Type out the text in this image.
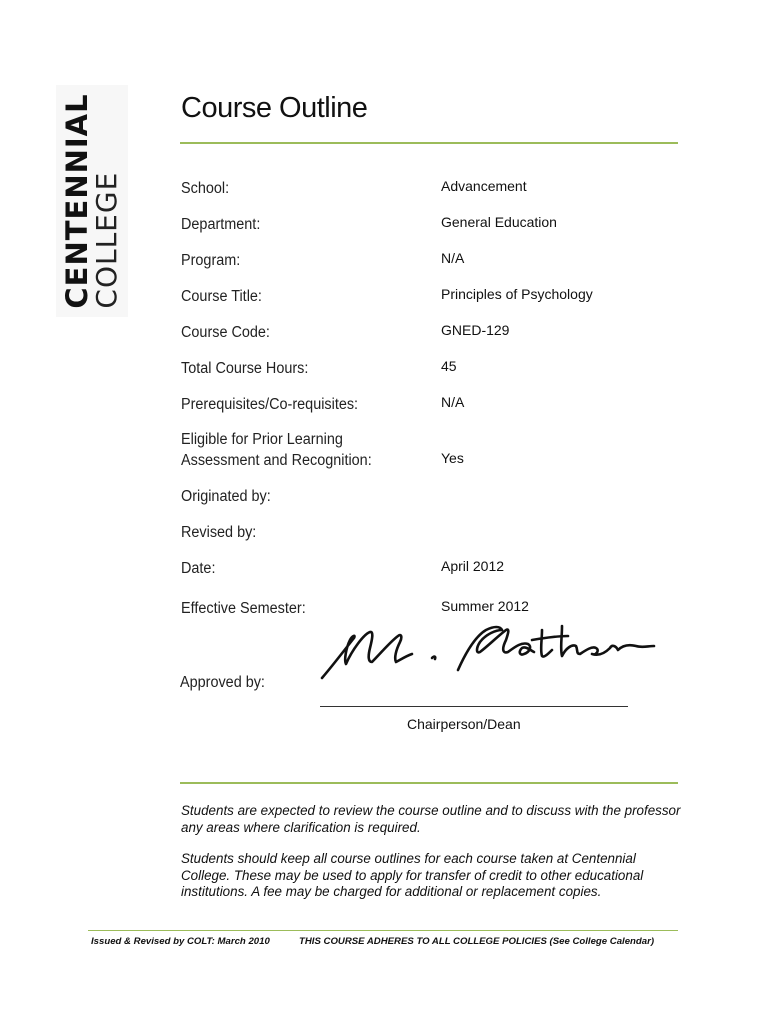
CENTENNIAL
COLLEGE
Course Outline
School:	Advancement
Department:	General Education
Program:	N/A
Course Title:	Principles of Psychology
Course Code:	GNED-129
Total Course Hours:	45
Prerequisites/Co-requisites:	N/A
Eligible for Prior Learning
Assessment and Recognition:	Yes
Originated by:
Revised by:
Date:	April 2012
Effective Semester:	Summer 2012
Approved by:
Chairperson/Dean
Students are expected to review the course outline and to discuss with the professor any areas where clarification is required.
Students should keep all course outlines for each course taken at Centennial College. These may be used to apply for transfer of credit to other educational institutions. A fee may be charged for additional or replacement copies.
Issued & Revised by COLT: March 2010	THIS COURSE ADHERES TO ALL COLLEGE POLICIES (See College Calendar)
